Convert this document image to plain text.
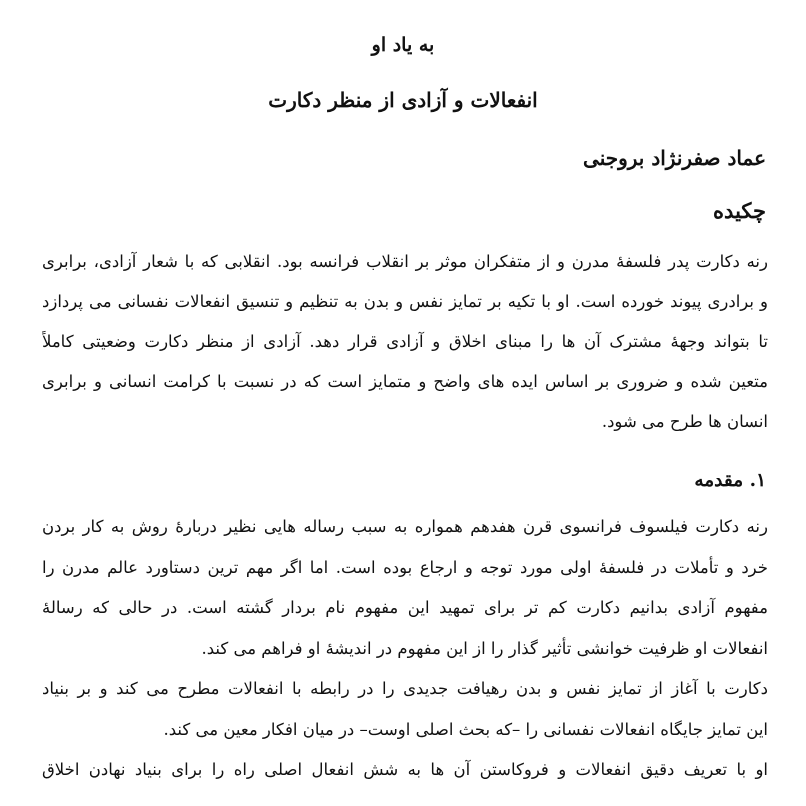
به یاد او
انفعالات و آزادی از منظر دکارت
عماد صفرنژاد بروجنی
چکیده
رنه دکارت پدر فلسفۀ مدرن و از متفکران موثر بر انقلاب فرانسه بود. انقلابی که با شعار آزادی، برابری
و برادری پیوند خورده است. او با تکیه بر تمایز نفس و بدن به تنظیم و تنسیق انفعالات نفسانی می پردازد
تا بتواند وجهۀ مشترک آن ها را مبنای اخلاق و آزادی قرار دهد. آزادی از منظر دکارت وضعیتی کاملاً
متعین شده و ضروری بر اساس ایده های واضح و متمایز است که در نسبت با کرامت انسانی و برابری
انسان ها طرح می شود.
۱. مقدمه
رنه دکارت فیلسوف فرانسوی قرن هفدهم همواره به سبب رساله هایی نظیر دربارۀ روش به کار بردن
خرد و تأملات در فلسفۀ اولی مورد توجه و ارجاع بوده است. اما اگر مهم ترین دستاورد عالم مدرن را
مفهوم آزادی بدانیم دکارت کم تر برای تمهید این مفهوم نام بردار گشته است. در حالی که رسالۀ
انفعالات او ظرفیت خوانشی تأثیر گذار را از این مفهوم در اندیشۀ او فراهم می کند.
دکارت با آغاز از تمایز نفس و بدن رهیافت جدیدی را در رابطه با انفعالات مطرح می کند و بر بنیاد
این تمایز جایگاه انفعالات نفسانی را –که بحث اصلی اوست– در میان افکار معین می کند.
او با تعریف دقیق انفعالات و فروکاستن آن ها به شش انفعال اصلی راه را برای بنیاد نهادن اخلاق
